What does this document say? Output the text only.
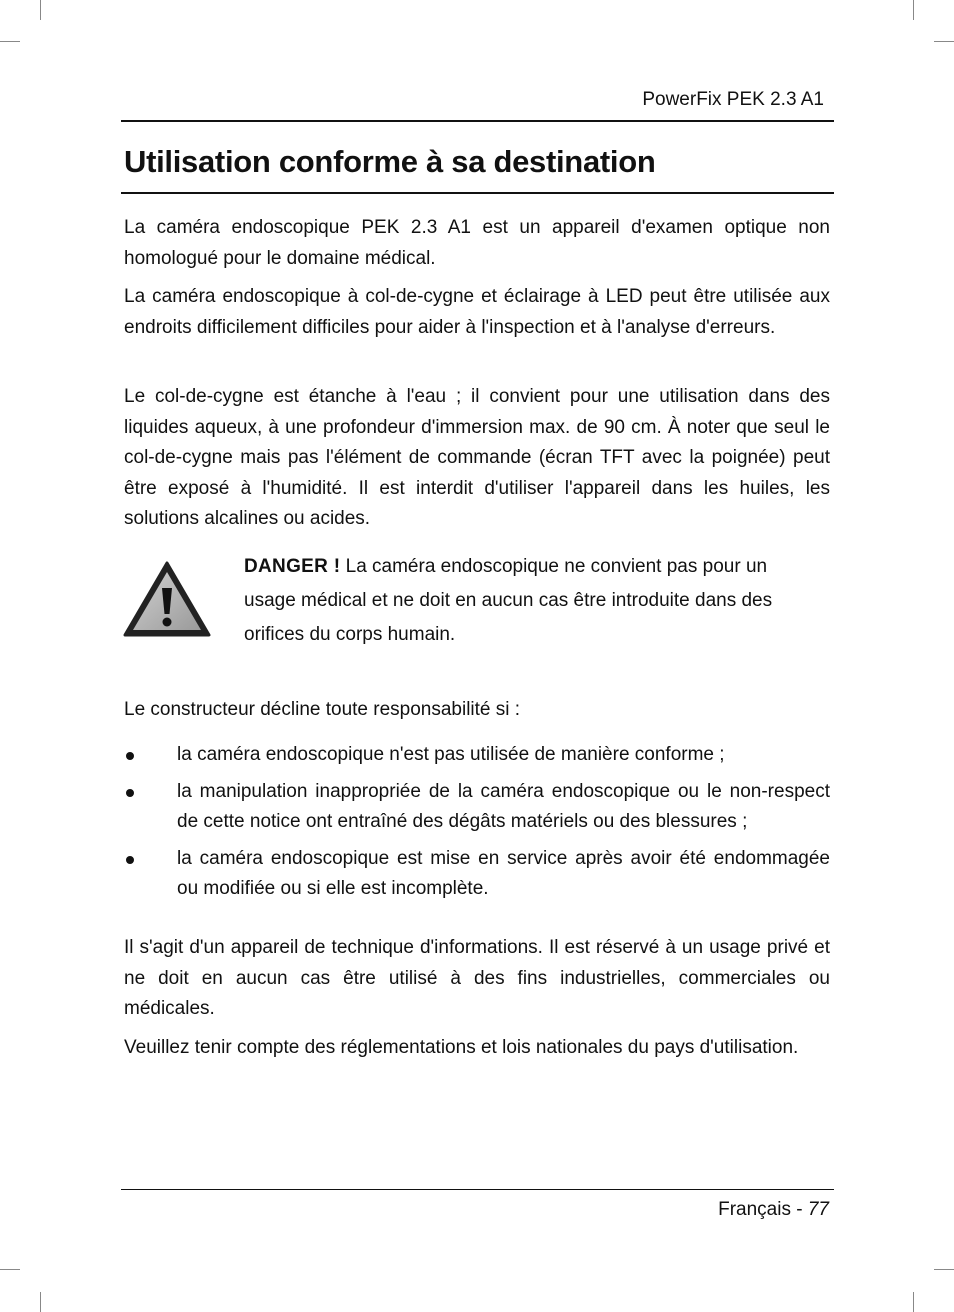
PowerFix PEK 2.3 A1
Utilisation conforme à sa destination

La caméra endoscopique PEK 2.3 A1 est un appareil d'examen optique non homologué pour le domaine médical.

La caméra endoscopique à col-de-cygne et éclairage à LED peut être utilisée aux endroits difficilement difficiles pour aider à l'inspection et à l'analyse d'erreurs.

Le col-de-cygne est étanche à l'eau ; il convient pour une utilisation dans des liquides aqueux, à une profondeur d'immersion max. de 90 cm. À noter que seul le col-de-cygne mais pas l'élément de commande (écran TFT avec la poignée) peut être exposé à l'humidité. Il est interdit d'utiliser l'appareil dans les huiles, les solutions alcalines ou acides.

DANGER ! La caméra endoscopique ne convient pas pour un usage médical et ne doit en aucun cas être introduite dans des orifices du corps humain.

Le constructeur décline toute responsabilité si :

la caméra endoscopique n'est pas utilisée de manière conforme ;
la manipulation inappropriée de la caméra endoscopique ou le non-respect de cette notice ont entraîné des dégâts matériels ou des blessures ;
la caméra endoscopique est mise en service après avoir été endommagée ou modifiée ou si elle est incomplète.

Il s'agit d'un appareil de technique d'informations. Il est réservé à un usage privé et ne doit en aucun cas être utilisé à des fins industrielles, commerciales ou médicales.

Veuillez tenir compte des réglementations et lois nationales du pays d'utilisation.

Français - 77
